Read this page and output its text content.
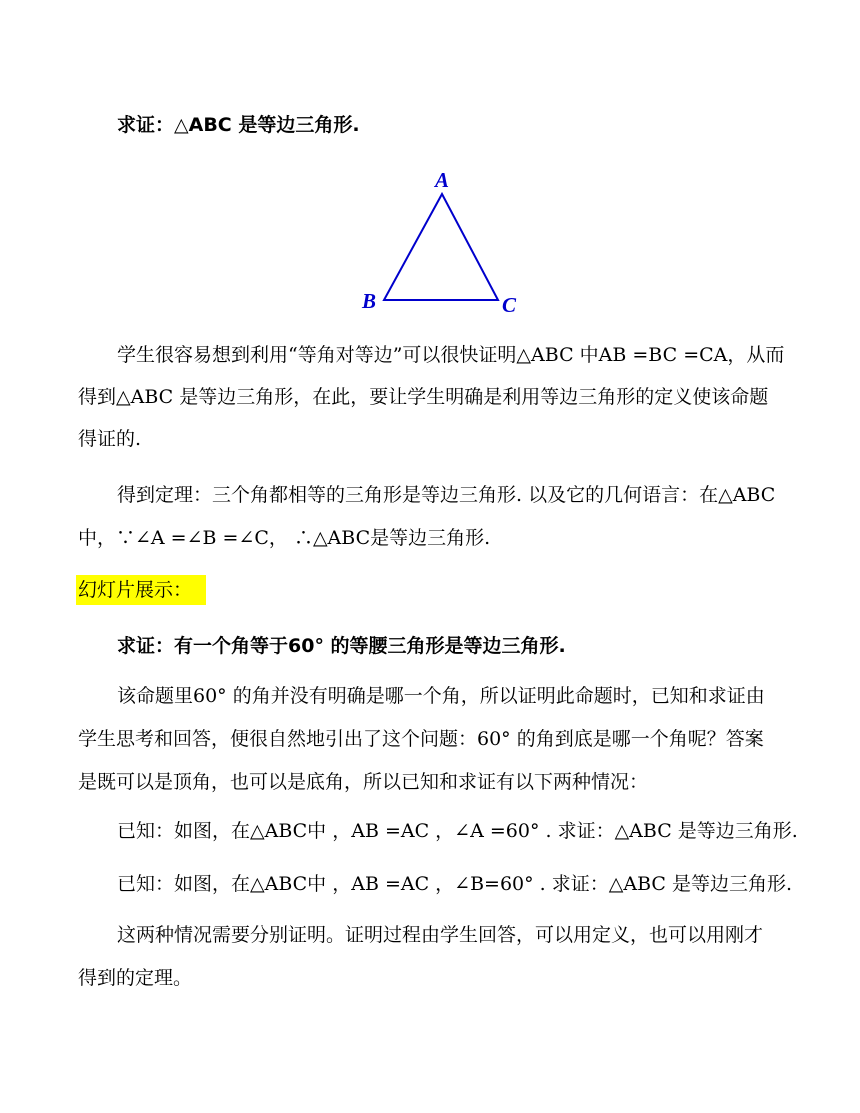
求证：△ABC 是等边三角形.
A
B	C
学生很容易想到利用“等角对等边”可以很快证明△ABC 中AB =BC =CA，从而
得到△ABC 是等边三角形，在此，要让学生明确是利用等边三角形的定义使该命题
得证的.
得到定理：三个角都相等的三角形是等边三角形. 以及它的几何语言：在△ABC
中，∵∠A =∠B =∠C， ∴△ABC是等边三角形.
幻灯片展示：
求证：有一个角等于60° 的等腰三角形是等边三角形.
该命题里60° 的角并没有明确是哪一个角，所以证明此命题时，已知和求证由
学生思考和回答，便很自然地引出了这个问题：60° 的角到底是哪一个角呢？答案
是既可以是顶角，也可以是底角，所以已知和求证有以下两种情况：
已知：如图，在△ABC中 ，AB =AC ，∠A =60° . 求证：△ABC 是等边三角形.
已知：如图，在△ABC中 ，AB =AC ，∠B=60° . 求证：△ABC 是等边三角形.
这两种情况需要分别证明。证明过程由学生回答，可以用定义，也可以用刚才
得到的定理。
